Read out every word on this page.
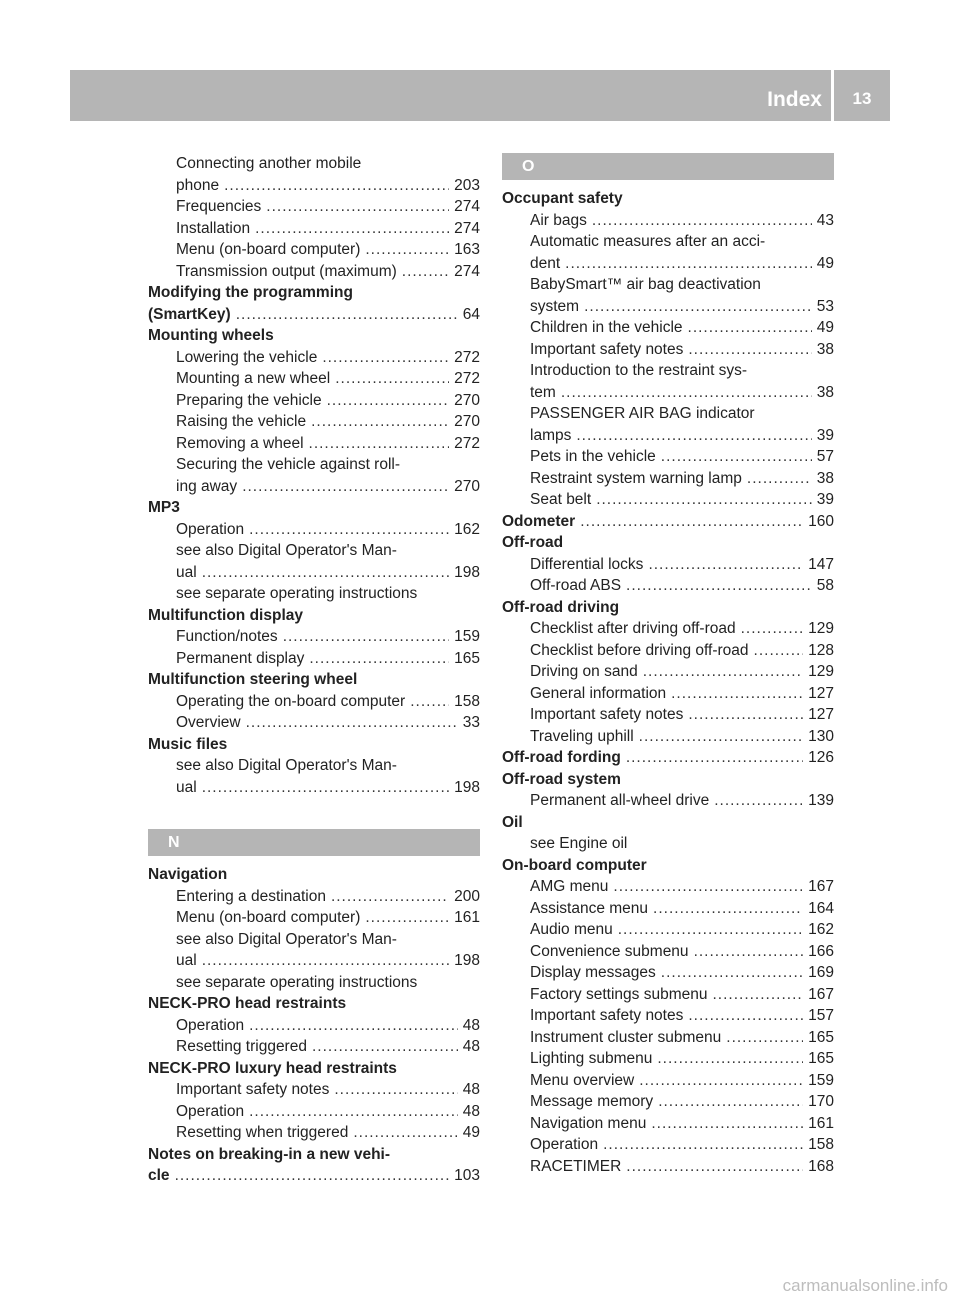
Index	13
Connecting another mobile
phone .....	203
Frequencies .....	274
Installation .....	274
Menu (on-board computer) .....	163
Transmission output (maximum) .....	274
Modifying the programming
(SmartKey) .....	64
Mounting wheels
Lowering the vehicle .....	272
Mounting a new wheel .....	272
Preparing the vehicle .....	270
Raising the vehicle .....	270
Removing a wheel .....	272
Securing the vehicle against roll-
ing away .....	270
MP3
Operation .....	162
see also Digital Operator's Man-
ual .....	198
see separate operating instructions
Multifunction display
Function/notes .....	159
Permanent display .....	165
Multifunction steering wheel
Operating the on-board computer .....	158
Overview .....	33
Music files
see also Digital Operator's Man-
ual .....	198
N
Navigation
Entering a destination .....	200
Menu (on-board computer) .....	161
see also Digital Operator's Man-
ual .....	198
see separate operating instructions
NECK-PRO head restraints
Operation .....	48
Resetting triggered .....	48
NECK-PRO luxury head restraints
Important safety notes .....	48
Operation .....	48
Resetting when triggered .....	49
Notes on breaking-in a new vehi-
cle .....	103
O
Occupant safety
Air bags .....	43
Automatic measures after an acci-
dent .....	49
BabySmart™ air bag deactivation
system .....	53
Children in the vehicle .....	49
Important safety notes .....	38
Introduction to the restraint sys-
tem .....	38
PASSENGER AIR BAG indicator
lamps .....	39
Pets in the vehicle .....	57
Restraint system warning lamp .....	38
Seat belt .....	39
Odometer .....	160
Off-road
Differential locks .....	147
Off-road ABS .....	58
Off-road driving
Checklist after driving off-road .....	129
Checklist before driving off-road .....	128
Driving on sand .....	129
General information .....	127
Important safety notes .....	127
Traveling uphill .....	130
Off-road fording .....	126
Off-road system
Permanent all-wheel drive .....	139
Oil
see Engine oil
On-board computer
AMG menu .....	167
Assistance menu .....	164
Audio menu .....	162
Convenience submenu .....	166
Display messages .....	169
Factory settings submenu .....	167
Important safety notes .....	157
Instrument cluster submenu .....	165
Lighting submenu .....	165
Menu overview .....	159
Message memory .....	170
Navigation menu .....	161
Operation .....	158
RACETIMER .....	168
carmanualsonline.info
